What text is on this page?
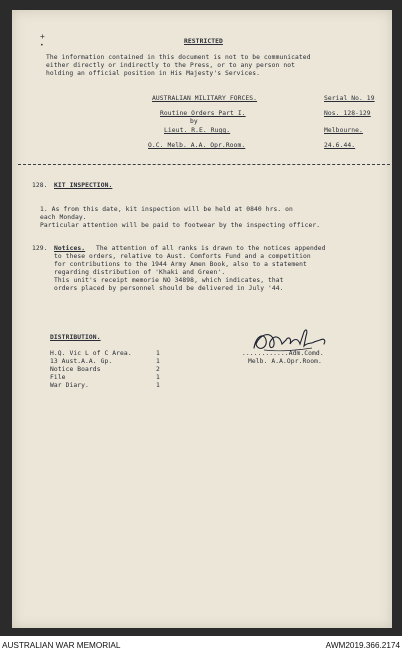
+
•
RESTRICTED
The information contained in this document is not to be communicated
either directly or indirectly to the Press, or to any person not
holding an official position in His Majesty's Services.
AUSTRALIAN MILITARY FORCES.	Serial No. 19
Routine Orders Part I.	Nos. 128-129
by
Lieut. R.E. Rugg.	Melbourne.
O.C. Melb. A.A. Opr.Room.	24.6.44.
128. KIT INSPECTION.
1. As from this date, kit inspection will be held at 0840 hrs. on
each Monday.
Particular attention will be paid to footwear by the inspecting officer.
129. Notices. The attention of all ranks is drawn to the notices appended
to these orders, relative to Aust. Comforts Fund and a competition
for contributions to the 1944 Army Amen Book, also to a statement
regarding distribution of 'Khaki and Green'.
This unit's receipt memorie NO 34898, which indicates, that
orders placed by personnel should be delivered in July '44.
DISTRIBUTION.
H.Q. Vic L of C Area.	1
13 Aust.A.A. Gp.	1
Notice Boards	2
File	1
War Diary.	1
............Adm.Comd.
Melb. A.A.Opr.Room.
AUSTRALIAN WAR MEMORIAL	AWM2019.366.2174
